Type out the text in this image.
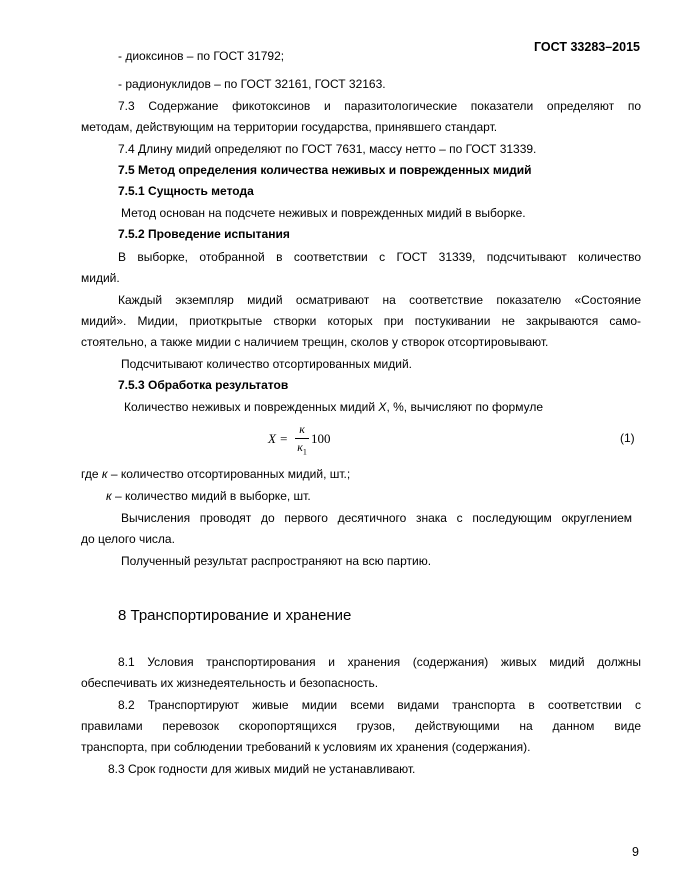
ГОСТ 33283–2015
- диоксинов – по ГОСТ 31792;
- радионуклидов – по ГОСТ 32161, ГОСТ 32163.
7.3 Содержание фикотоксинов и паразитологические показатели определяют по
методам, действующим на территории государства, принявшего стандарт.
7.4 Длину мидий определяют по ГОСТ 7631, массу нетто – по ГОСТ 31339.
7.5 Метод определения количества неживых и поврежденных мидий
7.5.1 Сущность метода
Метод основан на подсчете неживых и поврежденных мидий в выборке.
7.5.2 Проведение испытания
В выборке, отобранной в соответствии с ГОСТ 31339, подсчитывают количество
мидий.
Каждый экземпляр мидий осматривают на соответствие показателю «Состояние
мидий». Мидии, приоткрытые створки которых при постукивании не закрываются само-
стоятельно, а также мидии с наличием трещин, сколов у створок отсортировывают.
Подсчитывают количество отсортированных мидий.
7.5.3 Обработка результатов
Количество неживых и поврежденных мидий X, %, вычисляют по формуле
X =
к
$к_1$
100	(1)
где к – количество отсортированных мидий, шт.;
к – количество мидий в выборке, шт.
Вычисления проводят до первого десятичного знака с последующим округлением
до целого числа.
Полученный результат распространяют на всю партию.
8 Транспортирование и хранение
8.1 Условия транспортирования и хранения (содержания) живых мидий должны
обеспечивать их жизнедеятельность и безопасность.
8.2 Транспортируют живые мидии всеми видами транспорта в соответствии с
правилами перевозок скоропортящихся грузов, действующими на данном виде
транспорта, при соблюдении требований к условиям их хранения (содержания).
8.3 Срок годности для живых мидий не устанавливают.
9
